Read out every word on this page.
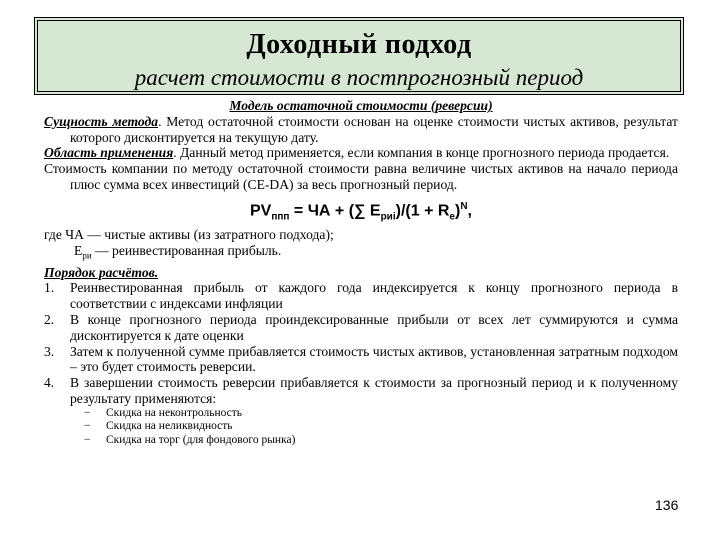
Доходный подход
расчет стоимости в постпрогнозный период
Модель остаточной стоимости (реверсии)

Сущность метода. Метод остаточной стоимости основан на оценке стоимости чистых активов, результат которого дисконтируется на текущую дату.

Область применения. Данный метод применяется, если компания в конце прогнозного периода продается.

Стоимость компании по методу остаточной стоимости равна величине чистых активов на начало периода плюс сумма всех инвестиций (CE-DA) за весь прогнозный период.

$PV_{ппп}$ = ЧА + (∑ $E_{pиi})/(1 + R_e)^N$,

где ЧА — чистые активы (из затратного подхода);

$E_{ри}$ — реинвестированная прибыль.

Порядок расчётов.

1.	Реинвестированная прибыль от каждого года индексируется к концу прогнозного периода в соответствии с индексами инфляции
2.	В конце прогнозного периода проиндексированные прибыли от всех лет суммируются и сумма дисконтируется к дате оценки
3.	Затем к полученной сумме прибавляется стоимость чистых активов, установленная затратным подходом – это будет стоимость реверсии.
4.	В завершении стоимость реверсии прибавляется к стоимости за прогнозный период и к полученному результату применяются:
−	Скидка на неконтрольность
−	Скидка на неликвидность
−	Скидка на торг (для фондового рынка)
136
